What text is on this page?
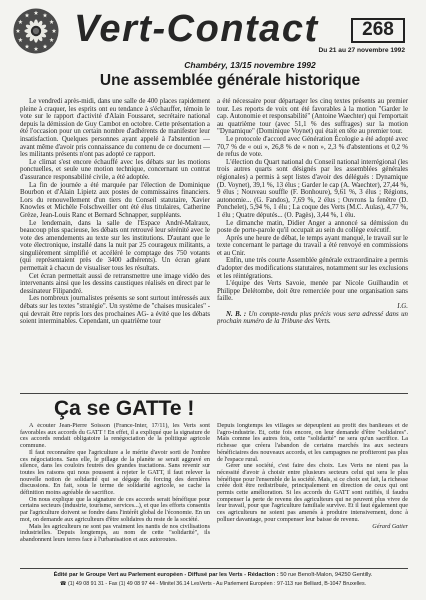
Vert-Contact	268
Du 21 au 27 novembre 1992
Chambéry, 13/15 novembre 1992
Une assemblée générale historique

Le vendredi après-midi, dans une salle de 400 places rapidement pleine à craquer, les esprits ont eu tendance à s'échauffer, témoin le vote sur le rapport d'activité d'Alain Foussaret, secrétaire national depuis la démission de Guy Cambot en octobre. Cette présentation a été l'occasion pour un certain nombre d'adhérents de manifester leur insatisfaction. Quelques personnes ayant appelé à l'abstention — avant même d'avoir pris connaissance du contenu de ce document — les militants présents n'ont pas adopté ce rapport.

Le climat s'est encore échauffé avec les débats sur les motions ponctuelles, et seule une motion technique, concernant un contrat d'assurance responsabilité civile, a été adoptée.

La fin de journée a été marquée par l'élection de Dominique Bourbon et d'Alain Lipietz aux postes de commissaires financiers. Lors du renouvellement d'un tiers du Conseil statutaire, Xavier Knowles et Michèle Folschweiller ont été élus titulaires, Catherine Grèze, Jean-Louis Ranc et Bernard Schnapper, suppléants.

Le lendemain, dans la salle de l'Espace André-Malraux, beaucoup plus spacieuse, les débats ont retrouvé leur sérénité avec le vote des amendements au texte sur les institutions. D'autant que le vote électronique, installé dans la nuit par 25 courageux militants, a singulièrement simplifié et accéléré le comptage des 750 votants (qui représentaient près de 3400 adhérents). Un écran géant permettait à chacun de visualiser tous les résultats.

Cet écran permettait aussi de retransmettre une image vidéo des intervenants ainsi que les dessins caustiques réalisés en direct par le dessinateur Filipandré.

Les nombreux journalistes présents se sont surtout intéressés aux débats sur les textes "stratégie". Un système de "chaises musicales" -qui devrait être repris lors des prochaines AG- a évité que les débats soient interminables. Cependant, un quatrième tour

a été nécessaire pour départager les cinq textes présents au premier tour. Les reports de voix ont été favorables à la motion "Garder le cap. Autonomie et responsabilité" (Antoine Waechter) qui l'emportait au quatrième tour (avec 51,1 % des suffrages) sur la motion "Dynamique" (Dominique Voynet) qui était en tête au premier tour.

Le protocole d'accord avec Génération Écologie a été adopté avec 70,7 % de « oui », 26,8 % de « non », 2,3 % d'abstentions et 0,2 % de refus de vote.

L'élection du Quart national du Conseil national interrégional (les trois autres quarts sont désignés par les assemblées générales régionales) a permis à sept listes d'avoir des délégués : Dynamique (D. Voynet), 39,1 %, 13 élus ; Garder le cap (A. Waechter), 27,44 %, 9 élus ; Nouveau souffle (F. Bonhoure), 9,61 %, 3 élus ; Régions, autonomie... (G. Fandos), 7,69 %, 2 élus ; Ouvrons la fenêtre (D. Ponchelet), 5,94 %, 1 élu ; La coque des Verts (M.C. Aulas), 4,77 %, 1 élu ; Quatre députés... (O. Pagès), 3,44 %, 1 élu.

Le dimanche matin, Didier Anger a annoncé sa démission du poste de porte-parole qu'il occupait au sein du collège exécutif.

Après une heure de débat, le temps ayant manqué, le travail sur le texte concernant le partage du travail a été renvoyé en commissions et au Cnir.

Enfin, une très courte Assemblée générale extraordinaire a permis d'adopter des modifications statutaires, notamment sur les exclusions et les réintégrations.

L'équipe des Verts Savoie, menée par Nicole Guilhaudin et Philippe Delétombe, doit être remerciée pour une organisation sans faille.

I.G.

N. B. : Un compte-rendu plus précis vous sera adressé dans un prochain numéro de la Tribune des Verts.

Ça se GATTe !

À écouter Jean-Pierre Soisson (France-Inter, 17/11), les Verts sont favorables aux accords du GATT ! En effet, il a expliqué que la signature de ces accords rendait obligatoire la renégociation de la politique agricole commune.

Il faut reconnaître que l'agriculture a le mérite d'avoir sorti de l'ombre ces négociations. Sans elle, le pillage de la planète se serait aggravé en silence, dans les couloirs feutrés des grandes tractations. Sans revenir sur toutes les raisons qui nous poussent à rejeter le GATT, il faut relever la nouvelle notion de solidarité qui se dégage du forcing des dernières discussions. En fait, sous le terme de solidarité agricole, se cache la définition moins agréable de sacrifice.

On nous explique que la signature de ces accords serait bénéfique pour certains secteurs (industrie, tourisme, services...), et que les efforts consentis par l'agriculture doivent se fondre dans l'intérêt global de l'économie. En un mot, on demande aux agriculteurs d'être solidaires du reste de la société.

Mais les agriculteurs ne sont pas vraiment les nantis de nos civilisations industrielles. Depuis longtemps, au nom de cette "solidarité", ils abandonnent leurs terres face à l'urbanisation et aux autoroutes.

Depuis longtemps les villages se dépeuplent au profit des banlieues et de l'agro-industrie. Et, cette fois encore, on leur demande d'être "solidaires". Mais comme les autres fois, cette "solidarité" ne sera qu'un sacrifice. La richesse que créera l'abandon de certains marchés ira aux secteurs bénéficiaires des nouveaux accords, et les campagnes ne profiteront pas plus de l'espace rural.

Gérer une société, c'est faire des choix. Les Verts ne nient pas la nécessité d'avoir à choisir entre plusieurs secteurs celui qui sera le plus bénéfique pour l'ensemble de la société. Mais, si ce choix est fait, la richesse créée doit être redistribuée, principalement en direction de ceux qui ont permis cette amélioration. Si les accords du GATT sont ratifiés, il faudra compenser la perte de revenu des agriculteurs qui ne peuvent plus vivre de leur travail, pour que l'agriculture familiale survive. Et il faut également que ces agriculteurs ne soient pas amenés à produire intensivement, donc à polluer davantage, pour compenser leur baisse de revenu.

Gérard Gatier

Édité par le Groupe Vert au Parlement européen - Diffusé par les Verts - Rédaction : 50 rue Benoît-Malon, 94250 Gentilly.
☎ (1) 49 08 91 31 - Fax (1) 49 08 97 44 - Minitel 36.14 LesVerts - Au Parlement Européen : 97-113 rue Belliard, B-1047 Bruxelles.
